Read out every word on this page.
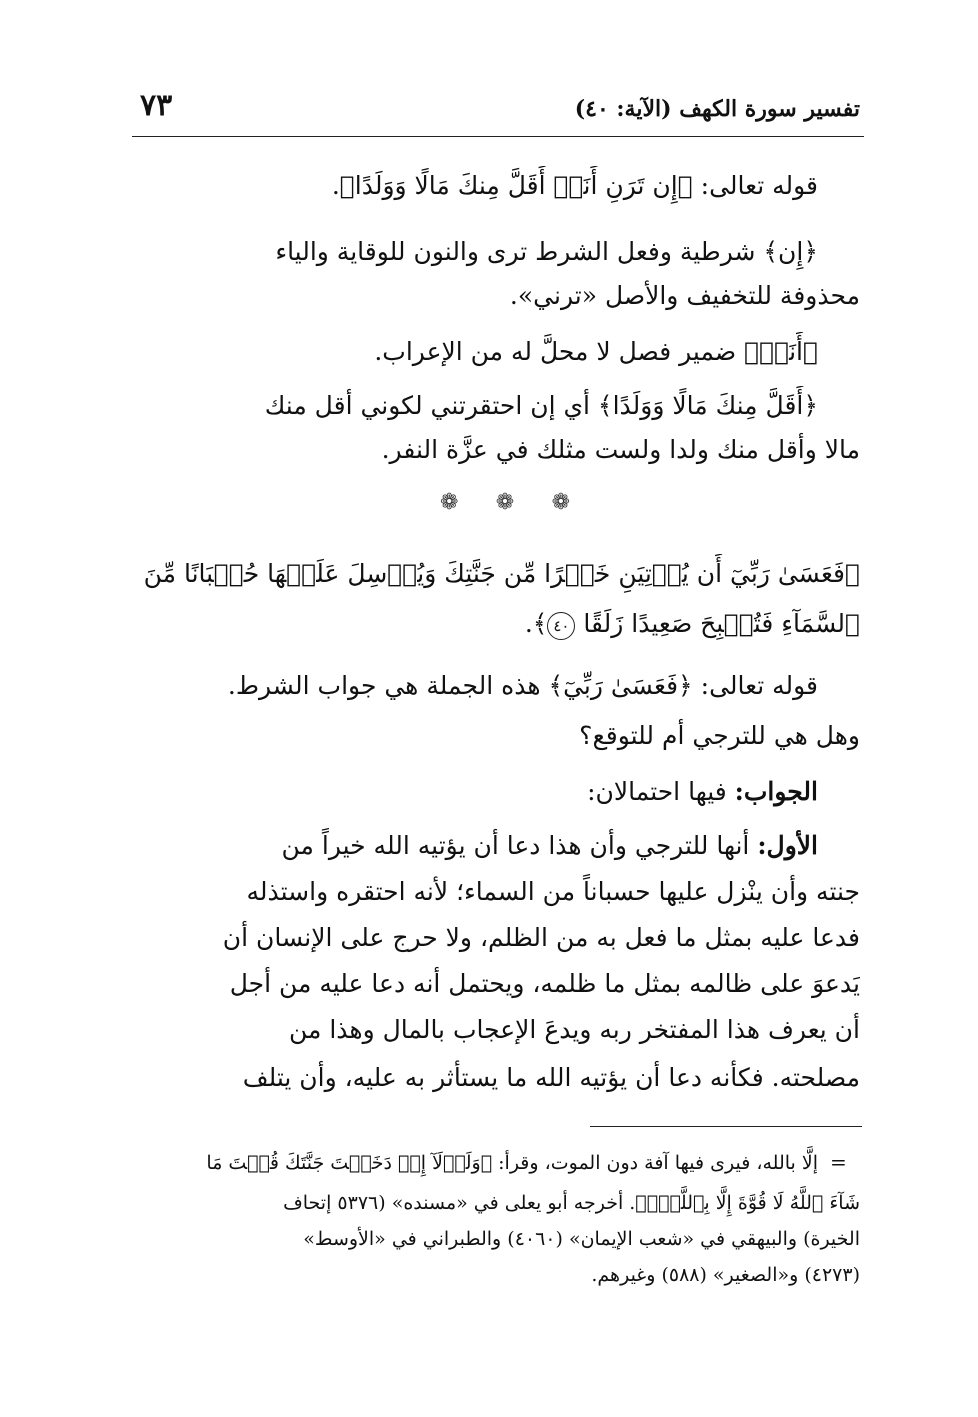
تفسير سورة الكهف (الآية: ٤٠)
٧٣
قوله تعالى: ﴿إِن تَرَنِ أَنَا۠ أَقَلَّ مِنكَ مَالًا وَوَلَدًا﴾.
﴿إِن﴾ شرطية وفعل الشرط ترى والنون للوقاية والياء
محذوفة للتخفيف والأصل «ترني».
﴿أَنَا۠﴾ ضمير فصل لا محلَّ له من الإعراب.
﴿أَقَلَّ مِنكَ مَالًا وَوَلَدًا﴾ أي إن احتقرتني لكوني أقل منك
مالا وأقل منك ولدا ولست مثلك في عزَّة النفر.
❁
❁
❁
﴿فَعَسَىٰ رَبِّيٓ أَن يُؤۡتِيَنِ خَيۡرًا مِّن جَنَّتِكَ وَيُرۡسِلَ عَلَيۡهَا حُسۡبَانًا مِّنَ
ٱلسَّمَآءِ فَتُصۡبِحَ صَعِيدًا زَلَقًا ٤٠﴾.
قوله تعالى: ﴿فَعَسَىٰ رَبِّيٓ﴾ هذه الجملة هي جواب الشرط.
وهل هي للترجي أم للتوقع؟
الجواب: فيها احتمالان:
الأول: أنها للترجي وأن هذا دعا أن يؤتيه الله خيراً من
جنته وأن ينْزل عليها حسباناً من السماء؛ لأنه احتقره واستذله
فدعا عليه بمثل ما فعل به من الظلم، ولا حرج على الإنسان أن
يَدعوَ على ظالمه بمثل ما ظلمه، ويحتمل أنه دعا عليه من أجل
أن يعرف هذا المفتخر ربه ويدعَ الإعجاب بالمال وهذا من
مصلحته. فكأنه دعا أن يؤتيه الله ما يستأثر به عليه، وأن يتلف
=
إلَّا بالله، فيرى فيها آفة دون الموت، وقرأ: ﴿وَلَوۡلَآ إِذۡ دَخَلۡتَ جَنَّتَكَ قُلۡتَ مَا
شَآءَ ٱللَّهُ لَا قُوَّةَ إِلَّا بِٱللَّهِۚ﴾. أخرجه أبو يعلى في «مسنده» (٥٣٧٦ إتحاف
الخيرة) والبيهقي في «شعب الإيمان» (٤٠٦٠) والطبراني في «الأوسط»
(٤٢٧٣) و«الصغير» (٥٨٨) وغيرهم.
